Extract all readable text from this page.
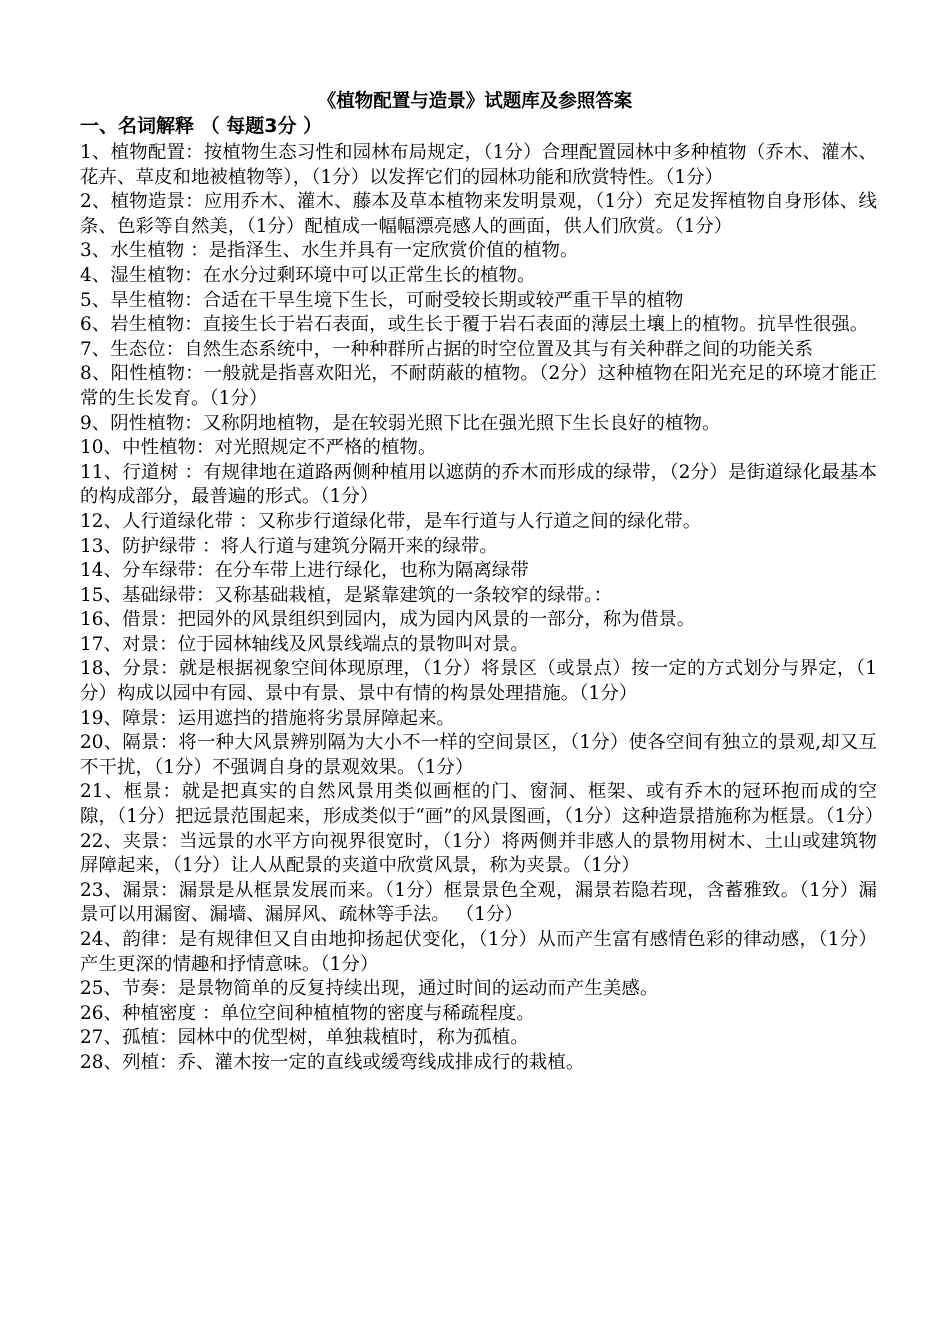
《植物配置与造景》试题库及参照答案
一、名词解释 （ 每题3分 ）

1、植物配置：按植物生态习性和园林布局规定，（1分）合理配置园林中多种植物（乔木、灌木、花卉、草皮和地被植物等），（1分）以发挥它们的园林功能和欣赏特性。（1分）

2、植物造景：应用乔木、灌木、藤本及草本植物来发明景观，（1分）充足发挥植物自身形体、线条、色彩等自然美，（1分）配植成一幅幅漂亮感人的画面，供人们欣赏。（1分）

3、水生植物 ：是指泽生、水生并具有一定欣赏价值的植物。

4、湿生植物：在水分过剩环境中可以正常生长的植物。

5、旱生植物：合适在干旱生境下生长，可耐受较长期或较严重干旱的植物

6、岩生植物：直接生长于岩石表面，或生长于覆于岩石表面的薄层土壤上的植物。抗旱性很强。

7、生态位：自然生态系统中，一种种群所占据的时空位置及其与有关种群之间的功能关系

8、阳性植物：一般就是指喜欢阳光，不耐荫蔽的植物。（2分）这种植物在阳光充足的环境才能正常的生长发育。（1分）

9、阴性植物：又称阴地植物，是在较弱光照下比在强光照下生长良好的植物。

10、中性植物：对光照规定不严格的植物。

11、行道树 ：有规律地在道路两侧种植用以遮荫的乔木而形成的绿带，（2分）是街道绿化最基本的构成部分，最普遍的形式。（1分）

12、人行道绿化带 ：又称步行道绿化带，是车行道与人行道之间的绿化带。

13、防护绿带 ：将人行道与建筑分隔开来的绿带。

14、分车绿带：在分车带上进行绿化，也称为隔离绿带

15、基础绿带：又称基础栽植，是紧靠建筑的一条较窄的绿带。：

16、借景：把园外的风景组织到园内，成为园内风景的一部分，称为借景。

17、对景：位于园林轴线及风景线端点的景物叫对景。

18、分景：就是根据视象空间体现原理，（1分）将景区（或景点）按一定的方式划分与界定，（1分）构成以园中有园、景中有景、景中有情的构景处理措施。（1分）

19、障景：运用遮挡的措施将劣景屏障起来。

20、隔景：将一种大风景辨别隔为大小不一样的空间景区，（1分）使各空间有独立的景观,却又互不干扰，（1分）不强调自身的景观效果。（1分）

21、框景：就是把真实的自然风景用类似画框的门、窗洞、框架、或有乔木的冠环抱而成的空隙，（1分）把远景范围起来，形成类似于“画”的风景图画，（1分）这种造景措施称为框景。（1分）

22、夹景：当远景的水平方向视界很宽时，（1分）将两侧并非感人的景物用树木、土山或建筑物屏障起来，（1分）让人从配景的夹道中欣赏风景，称为夹景。（1分）

23、漏景：漏景是从框景发展而来。（1分）框景景色全观，漏景若隐若现，含蓄雅致。（1分）漏景可以用漏窗、漏墙、漏屏风、疏林等手法。 （1分）

24、韵律：是有规律但又自由地抑扬起伏变化，（1分）从而产生富有感情色彩的律动感，（1分）产生更深的情趣和抒情意味。（1分）

25、节奏：是景物简单的反复持续出现，通过时间的运动而产生美感。

26、种植密度 ：单位空间种植植物的密度与稀疏程度。

27、孤植：园林中的优型树，单独栽植时，称为孤植。

28、列植：乔、灌木按一定的直线或缓弯线成排成行的栽植。
